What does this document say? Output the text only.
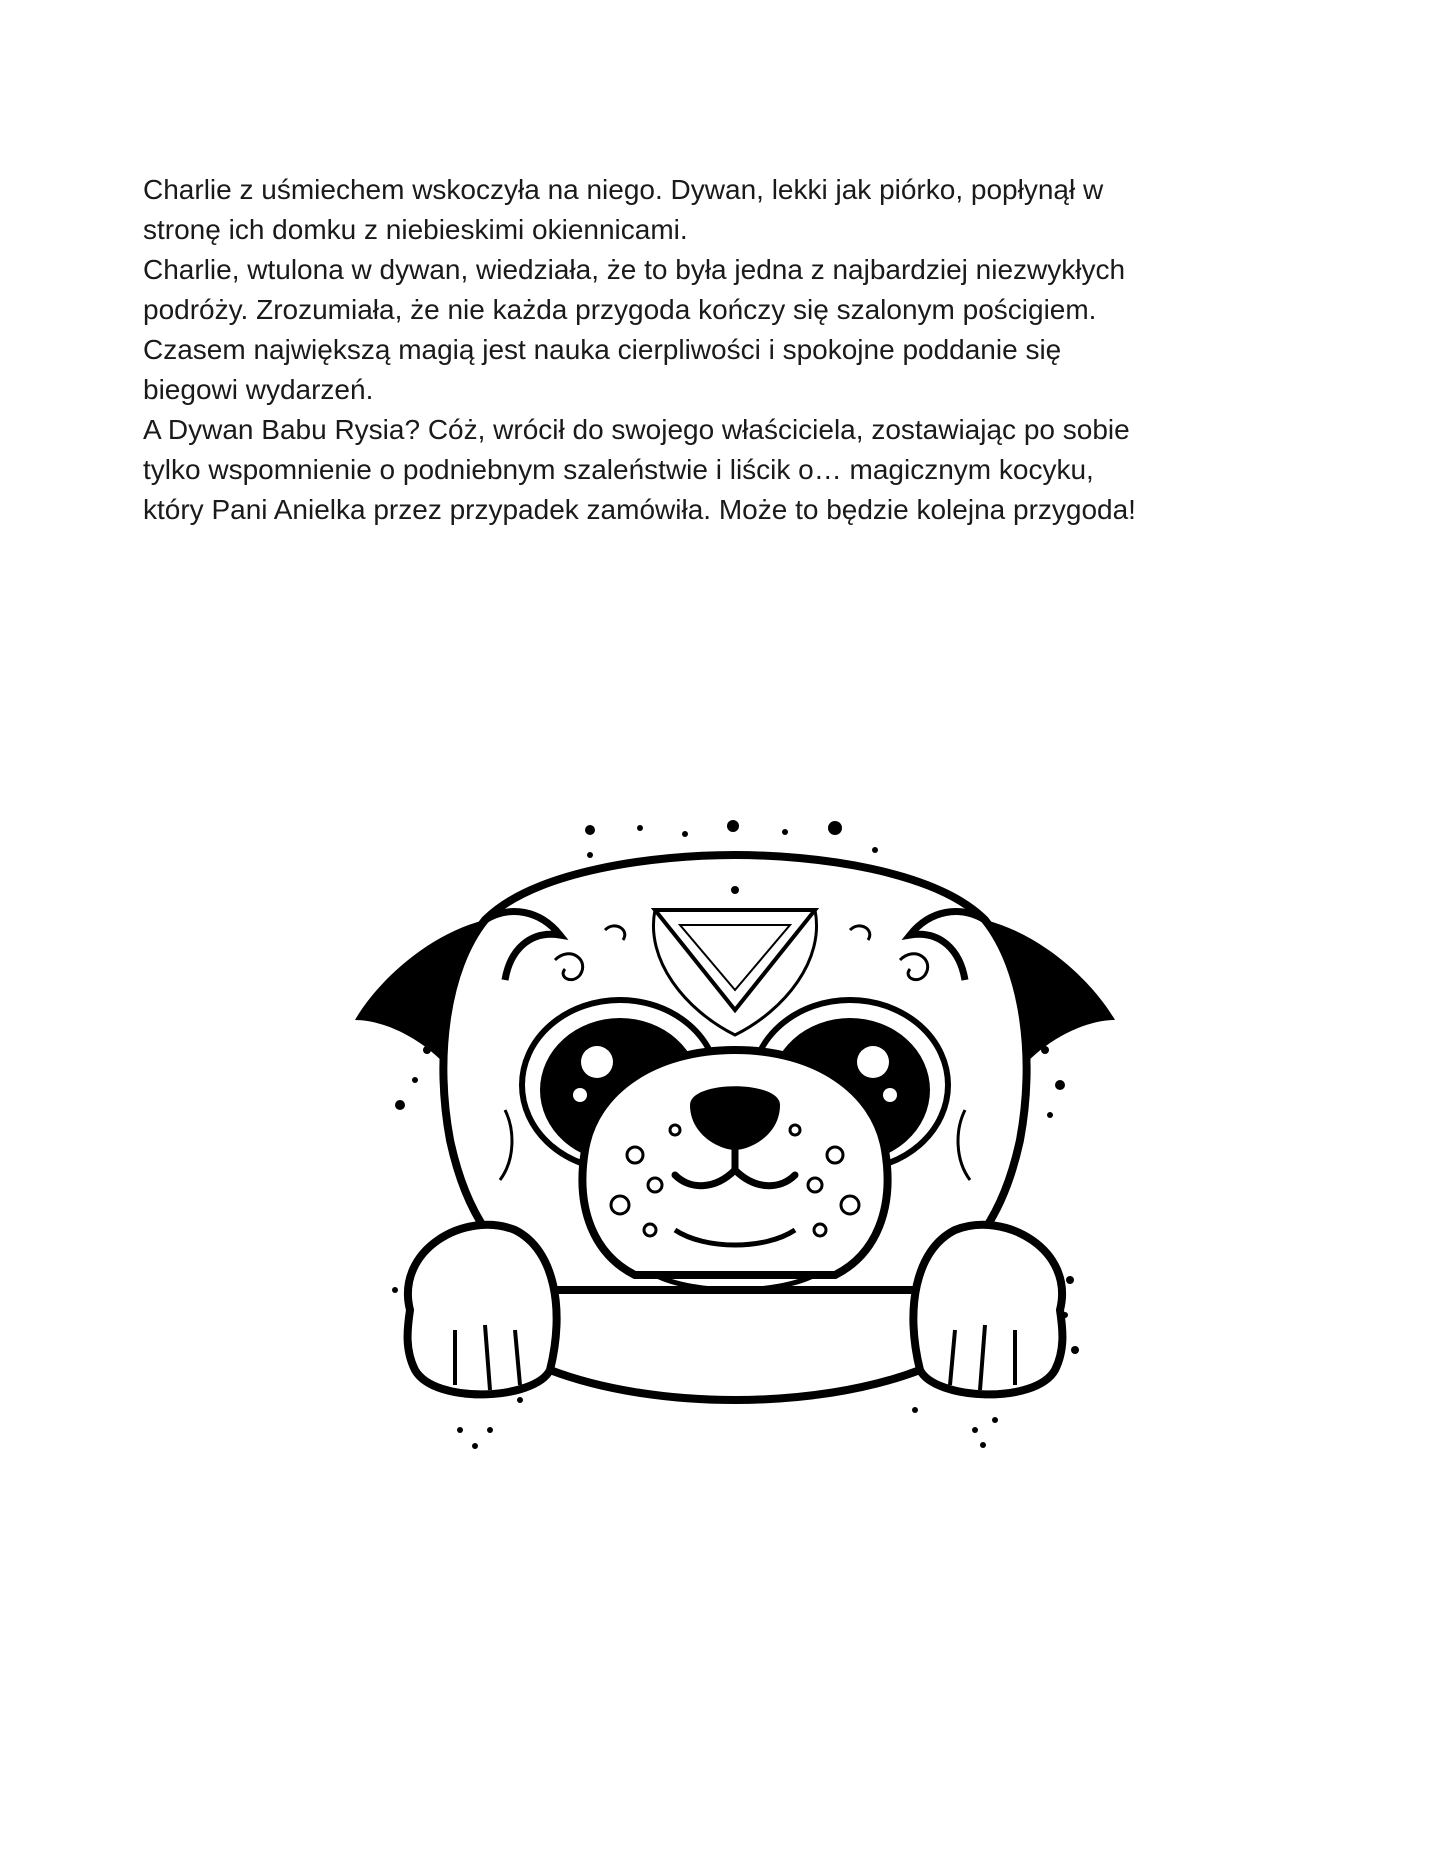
Charlie z uśmiechem wskoczyła na niego. Dywan, lekki jak piórko, popłynął w

stronę ich domku z niebieskimi okiennicami.

Charlie, wtulona w dywan, wiedziała, że to była jedna z najbardziej niezwykłych

podróży. Zrozumiała, że nie każda przygoda kończy się szalonym pościgiem.

Czasem największą magią jest nauka cierpliwości i spokojne poddanie się

biegowi wydarzeń.

A Dywan Babu Rysia? Cóż, wrócił do swojego właściciela, zostawiając po sobie

tylko wspomnienie o podniebnym szaleństwie i liścik o… magicznym kocyku,

który Pani Anielka przez przypadek zamówiła. Może to będzie kolejna przygoda!
